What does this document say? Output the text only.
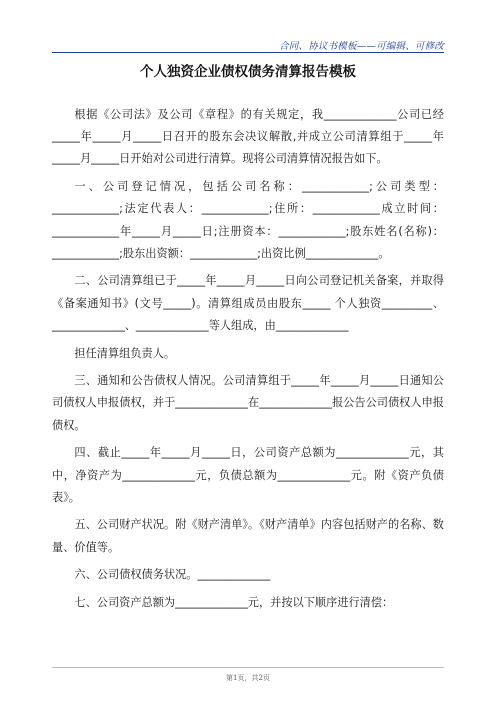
合同、协议书模板——可编辑、可修改
个人独资企业债权债务清算报告模板

根据《公司法》及公司《章程》的有关规定，我_____________公司已经_____年_____月_____日召开的股东会决议解散,并成立公司清算组于_____年_____月_____日开始对公司进行清算。现将公司清算情况报告如下。

一、公司登记情况，包括公司名称：____________;公司类型：____________;法定代表人：____________;住所：____________成立时间：____________年_____月_____日;注册资本：____________;股东姓名(名称)：____________;股东出资额：____________;出资比例_____________。

二、公司清算组已于_____年_____月_____日向公司登记机关备案，并取得《备案通知书》(文号_____)。清算组成员由股东_____ 个人独资_________、_____________、_____________等人组成，由_____________

担任清算组负责人。

三、通知和公告债权人情况。公司清算组于_____年_____月_____日通知公司债权人申报债权，并于_____________在_____________报公告公司债权人申报债权。

四、截止_____年_____月_____日，公司资产总额为_____________元，其中，净资产为_____________元，负债总额为_____________元。附《资产负债表》。

五、公司财产状况。附《财产清单》。《财产清单》内容包括财产的名称、数量、价值等。

六、公司债权债务状况。_____________

七、公司资产总额为_____________元，并按以下顺序进行清偿：

第1页，共2页
